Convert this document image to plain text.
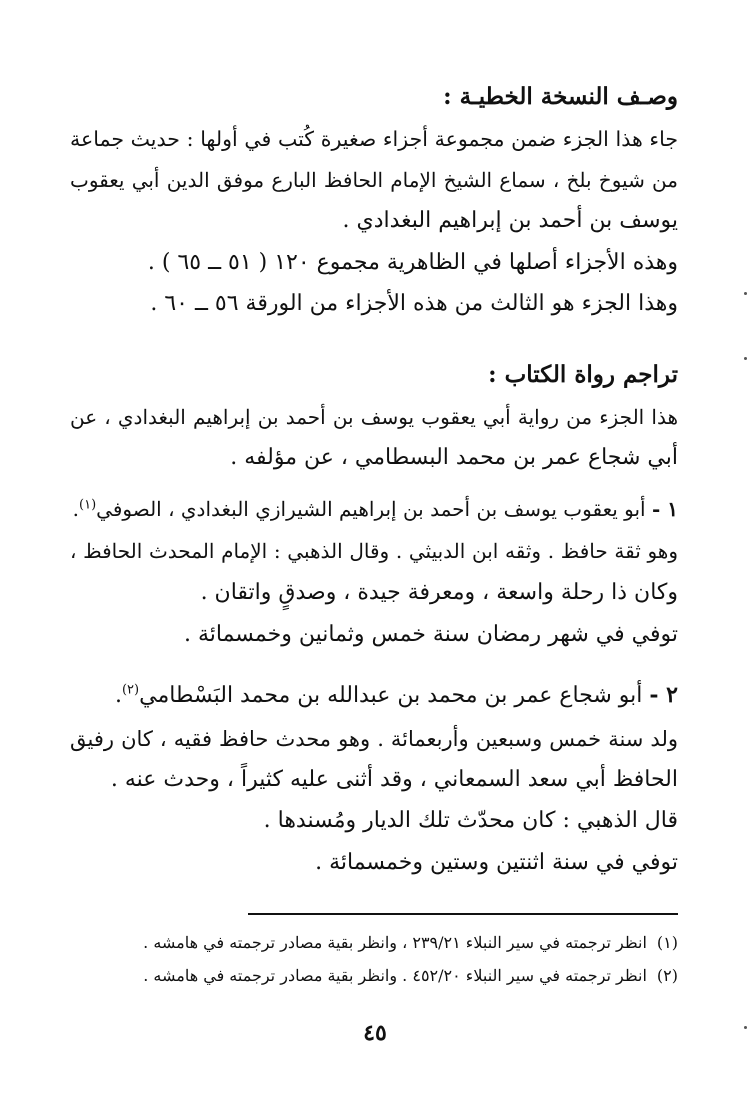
وصـف النسخة الخطيـة :
جاء هذا الجزء ضمن مجموعة أجزاء صغيرة كُتب في أولها : حديث جماعة
من شيوخ بلخ ، سماع الشيخ الإمام الحافظ البارع موفق الدين أبي يعقوب
يوسف بن أحمد بن إبراهيم البغدادي .
وهذه الأجزاء أصلها في الظاهرية مجموع ١٢٠ ( ٥١ ــ ٦٥ ) .
وهذا الجزء هو الثالث من هذه الأجزاء من الورقة ٥٦ ــ ٦٠ .
تراجم رواة الكتاب :
هذا الجزء من رواية أبي يعقوب يوسف بن أحمد بن إبراهيم البغدادي ، عن
أبي شجاع عمر بن محمد البسطامي ، عن مؤلفه .
١ - أبو يعقوب يوسف بن أحمد بن إبراهيم الشيرازي البغدادي ، الصوفي$^{(١)}$.
وهو ثقة حافظ . وثقه ابن الدبيثي . وقال الذهبي : الإمام المحدث الحافظ ،
وكان ذا رحلة واسعة ، ومعرفة جيدة ، وصدقٍ واتقان .
توفي في شهر رمضان سنة خمس وثمانين وخمسمائة .
٢ - أبو شجاع عمر بن محمد بن عبدالله بن محمد البَسْطامي$^{(٢)}$.
ولد سنة خمس وسبعين وأربعمائة . وهو محدث حافظ فقيه ، كان رفيق
الحافظ أبي سعد السمعاني ، وقد أثنى عليه كثيراً ، وحدث عنه .
قال الذهبي : كان محدّث تلك الديار ومُسندها .
توفي في سنة اثنتين وستين وخمسمائة .
(١)انظر ترجمته في سير النبلاء ٢٣٩/٢١ ، وانظر بقية مصادر ترجمته في هامشه .
(٢)انظر ترجمته في سير النبلاء ٤٥٢/٢٠ . وانظر بقية مصادر ترجمته في هامشه .
٤٥
